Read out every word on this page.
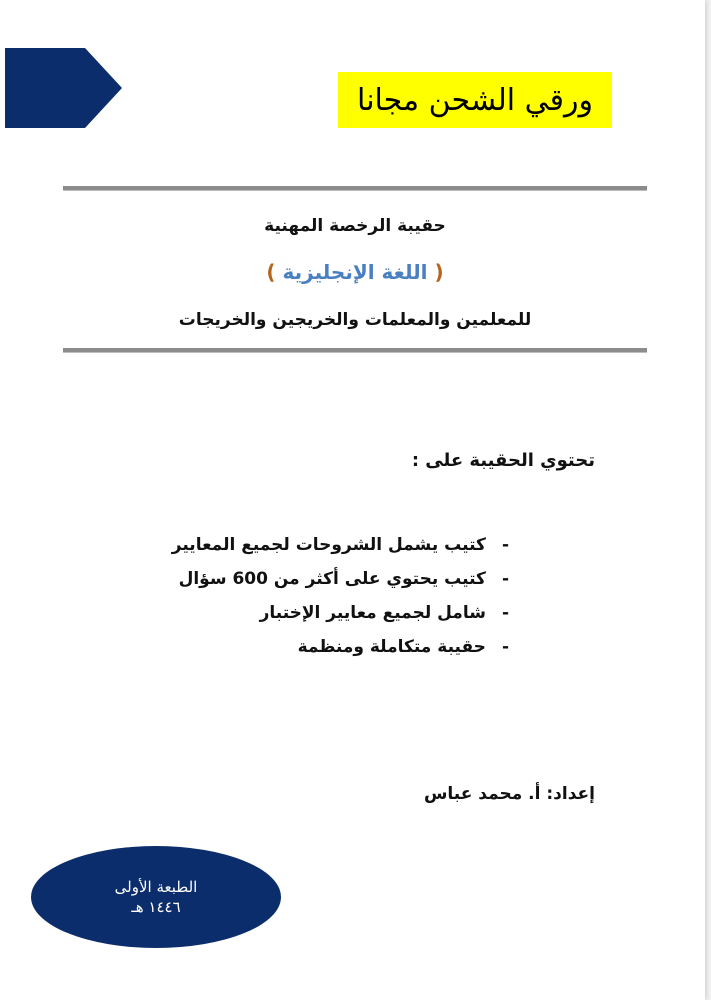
ورقي الشحن مجانا
حقيبة الرخصة المهنية
( اللغة الإنجليزية )
للمعلمين والمعلمات والخريجين والخريجات
تحتوي الحقيبة على :
-كتيب يشمل الشروحات لجميع المعايير
-كتيب يحتوي على أكثر من 600 سؤال
-شامل لجميع معايير الإختبار
-حقيبة متكاملة ومنظمة
إعداد: أ. محمد عباس
الطبعة الأولى
١٤٤٦ هـ
